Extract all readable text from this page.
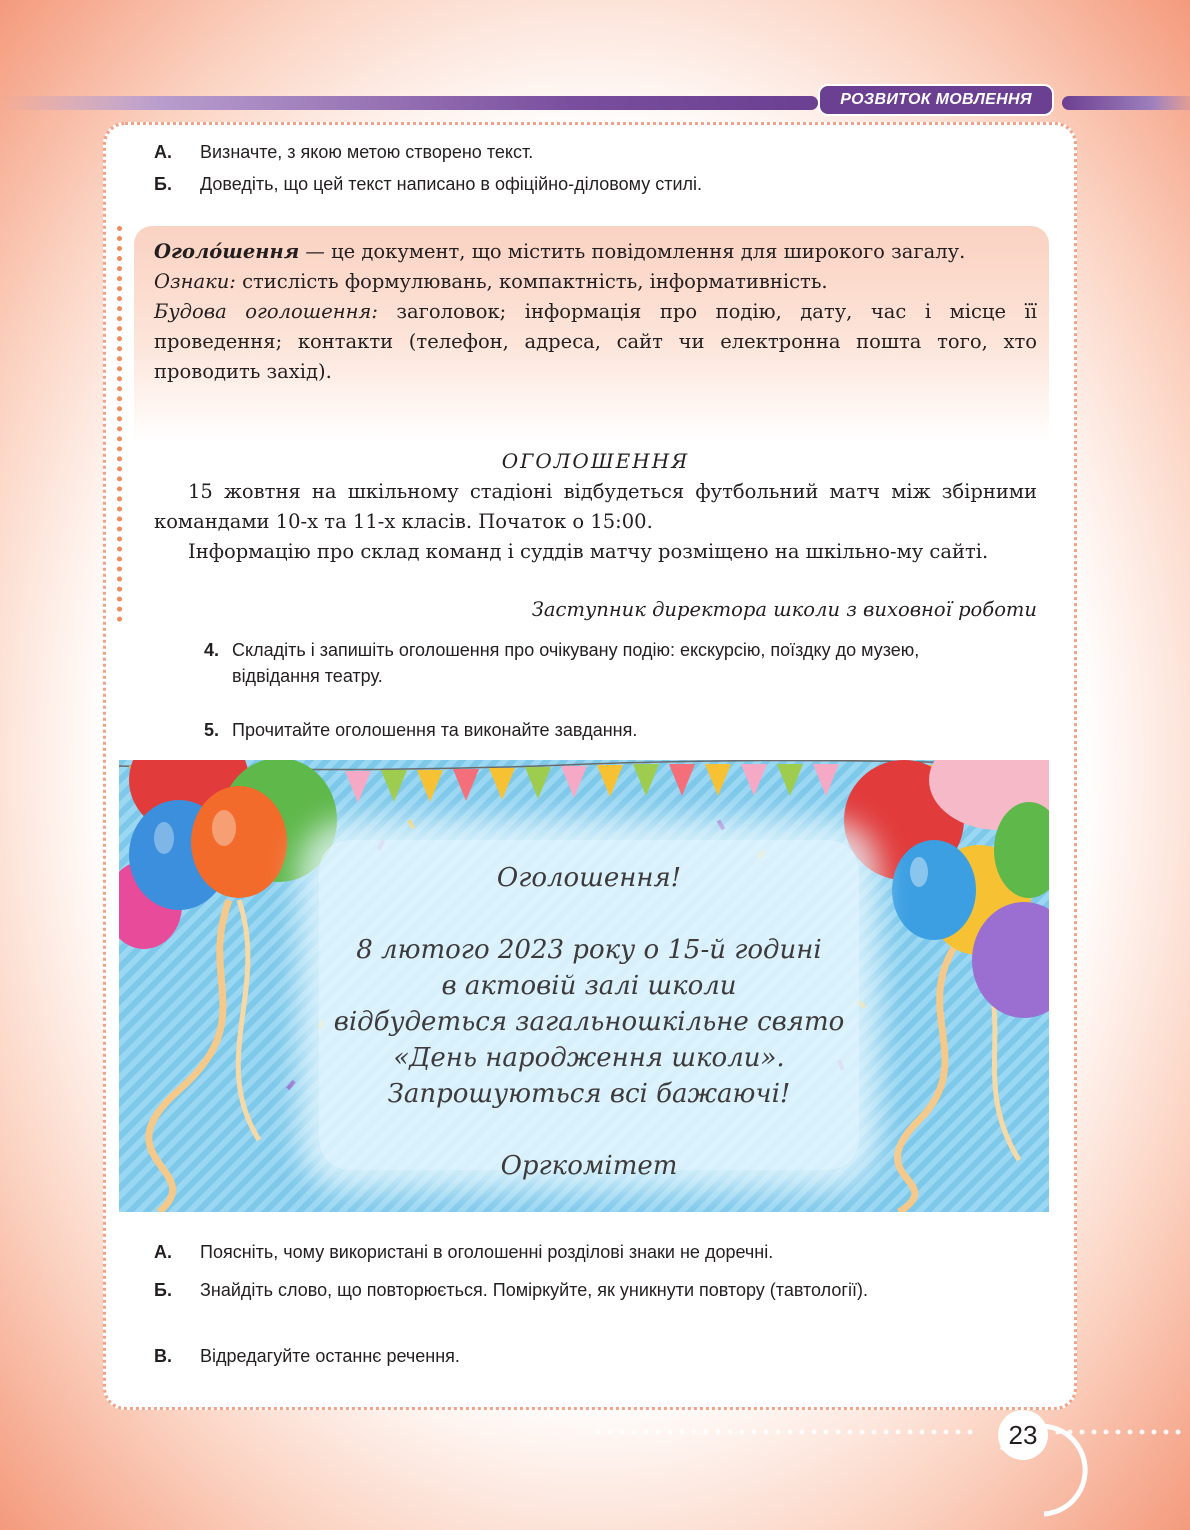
РОЗВИТОК МОВЛЕННЯ
А. Визначте, з якою метою створено текст.
Б. Доведіть, що цей текст написано в офіційно-діловому стилі.

Оголо́шення — це документ, що містить повідомлення для широкого загалу.

Ознаки: стислість формулювань, компактність, інформативність.

Будова оголошення: заголовок; інформація про подію, дату, час і місце її проведення; контакти (телефон, адреса, сайт чи електронна пошта того, хто проводить захід).

ОГОЛОШЕННЯ

15 жовтня на шкільному стадіоні відбудеться футбольний матч між збірними командами 10-х та 11-х класів. Початок о 15:00.

Інформацію про склад команд і суддів матчу розміщено на шкільно-му сайті.

Заступник директора школи з виховної роботи
4. Складіть і запишіть оголошення про очікувану подію: екскурсію, поїздку до музею, відвідання театру.
5. Прочитайте оголошення та виконайте завдання.
Оголошення!
8 лютого 2023 року о 15-й годині
в актовій залі школи
відбудеться загальношкільне свято
«День народження школи».
Запрошуються всі бажаючі!
Оргкомітет
А. Поясніть, чому використані в оголошенні розділові знаки не доречні.
Б. Знайдіть слово, що повторюється. Поміркуйте, як уникнути повтору (тавтології).
В. Відредагуйте останнє речення.
23
